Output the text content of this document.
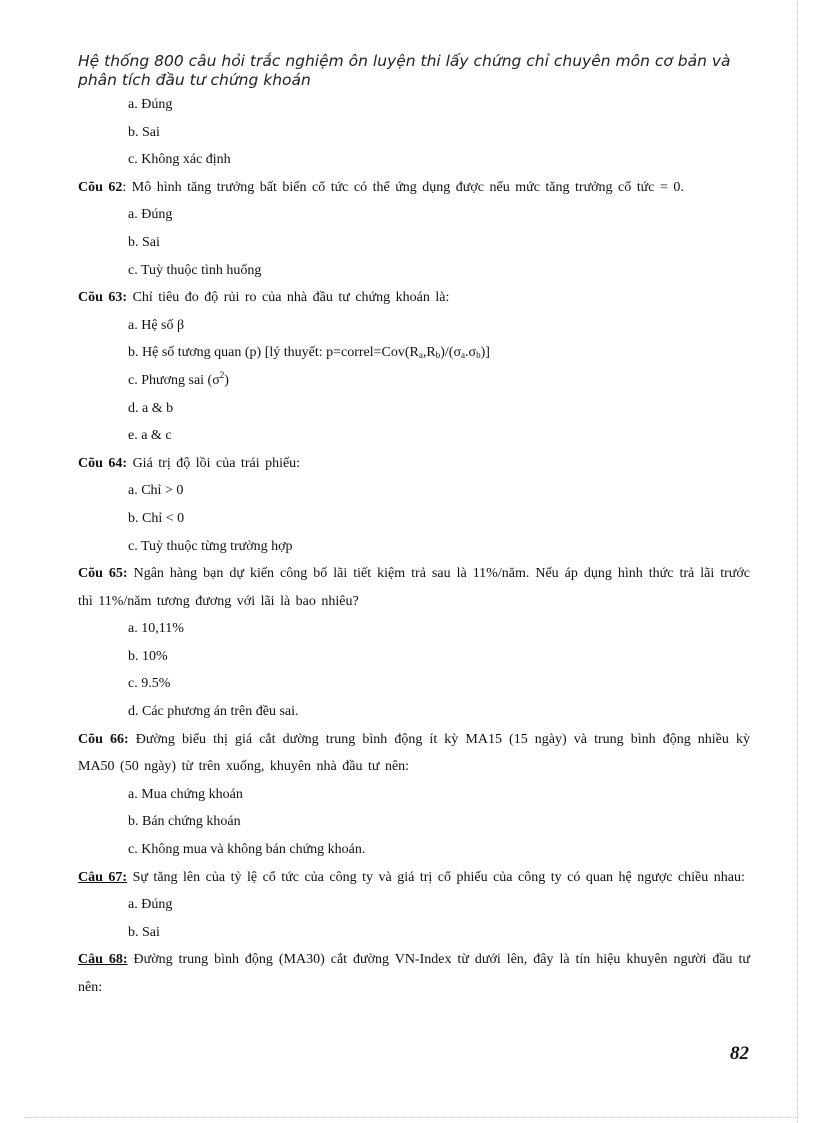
Hệ thống 800 câu hỏi trắc nghiệm ôn luyện thi lấy chứng chỉ chuyên môn cơ bản và phân tích đầu tư chứng khoán
a. Đúng
b. Sai
c. Không xác định
Cõu 62: Mô hình tăng trưởng bất biến cổ tức có thể ứng dụng được nếu mức tăng trưởng cổ tức = 0.
a. Đúng
b. Sai
c. Tuỳ thuộc tình huống
Cõu 63: Chỉ tiêu đo độ rủi ro của nhà đầu tư chứng khoán là:
a. Hệ số β
b. Hệ số tương quan (p) [lý thuyết: $p=correl=Cov(R_a,R_b)/(\sigma_a.\sigma_b)$]
c. Phương sai $(\sigma^2)$
d. a & b
e. a & c
Cõu 64: Giá trị độ lồi của trái phiếu:
a. Chỉ > 0
b. Chỉ < 0
c. Tuỳ thuộc từng trường hợp
Cõu 65: Ngân hàng bạn dự kiến công bố lãi tiết kiệm trả sau là 11%/năm. Nếu áp dụng hình thức trả lãi trước thì 11%/năm tương đương với lãi là bao nhiêu?
a. 10,11%
b. 10%
c. 9.5%
d. Các phương án trên đều sai.
Cõu 66: Đường biểu thị giá cắt dường trung bình động ít kỳ MA15 (15 ngày) và trung bình động nhiều kỳ MA50 (50 ngày) từ trên xuống, khuyên nhà đầu tư nên:
a. Mua chứng khoán
b. Bán chứng khoán
c. Không mua và không bán chứng khoán.
Câu 67: Sự tăng lên của tỷ lệ cổ tức của công ty và giá trị cổ phiếu của công ty có quan hệ ngược chiều nhau:
a. Đúng
b. Sai
Câu 68: Đường trung bình động (MA30) cắt đường VN-Index từ dưới lên, đây là tín hiệu khuyên người đầu tư nên:
82
